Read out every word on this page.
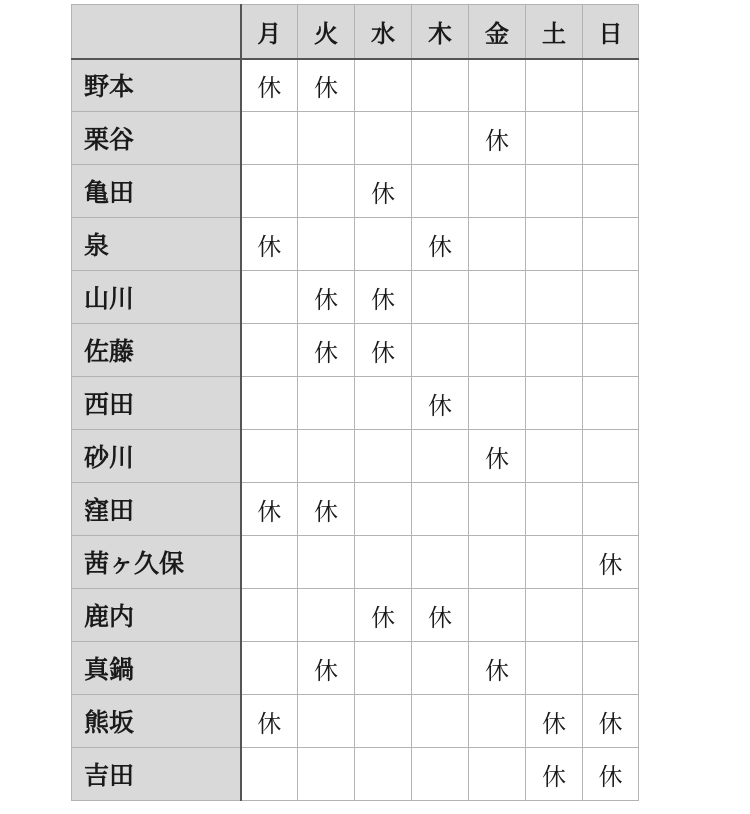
	月	火	水	木	金	土	日
野本	休	休					
栗谷					休		
亀田			休				
泉	休			休			
山川		休	休				
佐藤		休	休				
西田				休			
砂川					休		
窪田	休	休					
茜ヶ久保							休
鹿内			休	休			
真鍋		休			休		
熊坂	休					休	休
吉田						休	休
